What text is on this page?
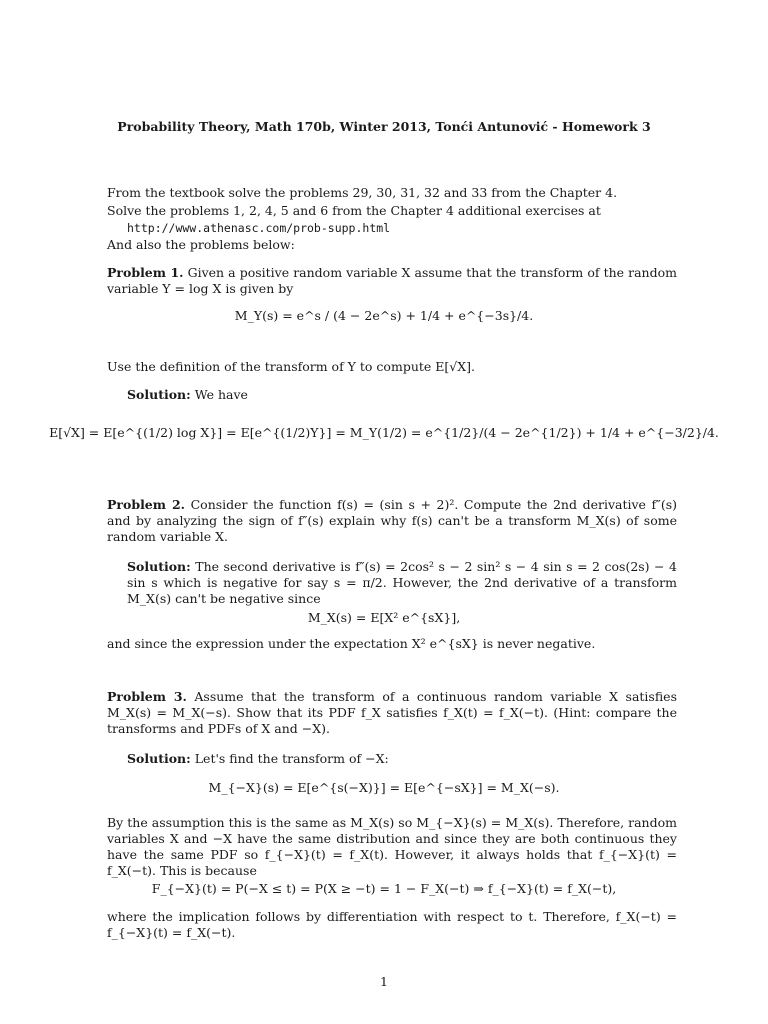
Probability Theory, Math 170b, Winter 2013, Tonći Antunović - Homework 3
From the textbook solve the problems 29, 30, 31, 32 and 33 from the Chapter 4.
Solve the problems 1, 2, 4, 5 and 6 from the Chapter 4 additional exercises at
http://www.athenasc.com/prob-supp.html
And also the problems below:
Problem 1. Given a positive random variable X assume that the transform of the random variable Y = log X is given by
M_Y(s) = e^s / (4 − 2e^s) + 1/4 + e^{−3s}/4.
Use the definition of the transform of Y to compute E[√X].
Solution: We have
E[√X] = E[e^{(1/2) log X}] = E[e^{(1/2)Y}] = M_Y(1/2) = e^{1/2}/(4 − 2e^{1/2}) + 1/4 + e^{−3/2}/4.
Problem 2. Consider the function f(s) = (sin s + 2)². Compute the 2nd derivative f″(s) and by analyzing the sign of f″(s) explain why f(s) can't be a transform M_X(s) of some random variable X.
Solution: The second derivative is f″(s) = 2cos² s − 2 sin² s − 4 sin s = 2 cos(2s) − 4 sin s which is negative for say s = π/2. However, the 2nd derivative of a transform M_X(s) can't be negative since
M_X(s) = E[X² e^{sX}],
and since the expression under the expectation X² e^{sX} is never negative.
Problem 3. Assume that the transform of a continuous random variable X satisfies M_X(s) = M_X(−s). Show that its PDF f_X satisfies f_X(t) = f_X(−t). (Hint: compare the transforms and PDFs of X and −X).
Solution: Let's find the transform of −X:
M_{−X}(s) = E[e^{s(−X)}] = E[e^{−sX}] = M_X(−s).
By the assumption this is the same as M_X(s) so M_{−X}(s) = M_X(s). Therefore, random variables X and −X have the same distribution and since they are both continuous they have the same PDF so f_{−X}(t) = f_X(t). However, it always holds that f_{−X}(t) = f_X(−t). This is because
F_{−X}(t) = P(−X ≤ t) = P(X ≥ −t) = 1 − F_X(−t) ⇒ f_{−X}(t) = f_X(−t),
where the implication follows by differentiation with respect to t. Therefore, f_X(−t) = f_{−X}(t) = f_X(−t).
1
